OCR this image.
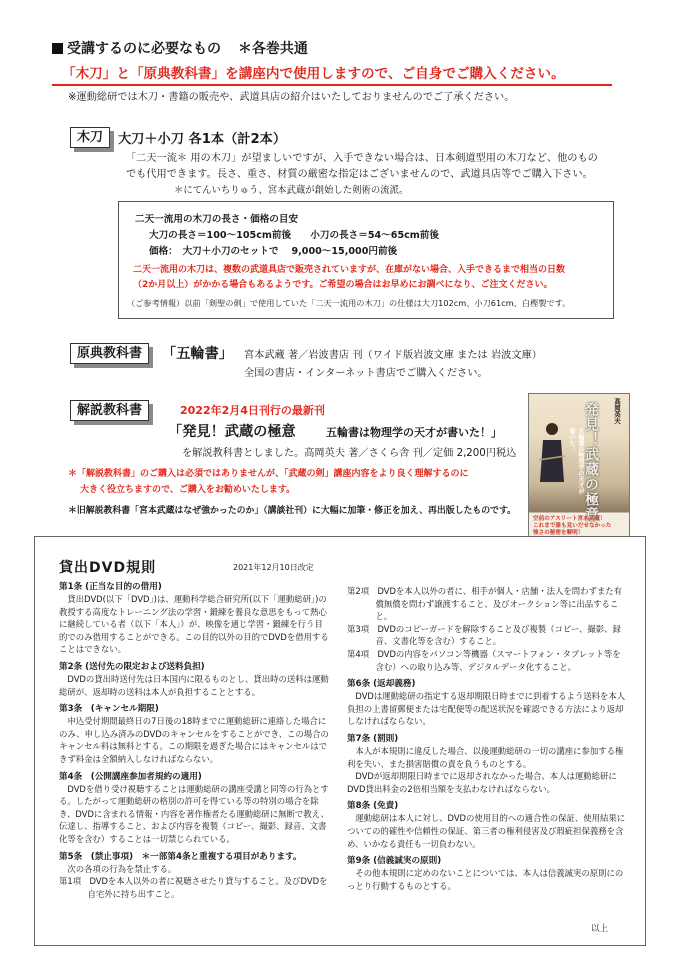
受講するのに必要なもの ＊各巻共通
「木刀」と「原典教科書」を講座内で使用しますので、ご自身でご購入ください。
※運動総研では木刀・書籍の販売や、武道具店の紹介はいたしておりませんのでご了承ください。
木刀	大刀＋小刀 各1本（計2本）
「二天一流＊ 用の木刀」が望ましいですが、入手できない場合は、日本剣道型用の木刀など、他のもの
でも代用できます。長さ、重さ、材質の厳密な指定はございませんので、武道具店等でご購入下さい。
＊にてんいちりゅう、宮本武蔵が創始した剣術の流派。
二天一流用の木刀の長さ・価格の目安
大刀の長さ＝100～105cm前後　　小刀の長さ＝54～65cm前後
価格：　大刀＋小刀のセットで　 9,000～15,000円前後
二天一流用の木刀は、複数の武道具店で販売されていますが、在庫がない場合、入手できるまで相当の日数
（2か月以上）がかかる場合もあるようです。ご希望の場合はお早めにお調べになり、ご注文ください。
（ご参考情報）以前「剣聖の剣」で使用していた「二天一流用の木刀」の仕様は大刀102cm、小刀61cm、白樫製です。
原典教科書	「五輪書」 宮本武蔵 著／岩波書店 刊（ワイド版岩波文庫 または 岩波文庫）
全国の書店・インターネット書店でご購入ください。
解説教科書	2022年2月4日刊行の最新刊
「発見！武蔵の極意	五輪書は物理学の天才が書いた！」
を解説教科書としました。高岡英夫 著／さくら舎 刊／定価 2,200円税込
＊「解説教科書」のご購入は必須ではありませんが、「武蔵の剣」講座内容をより良く理解するのに
大きく役立ちますので、ご購入をお勧めいたします。
＊旧解説教科書「宮本武蔵はなぜ強かったのか」（講談社刊）に大幅に加筆・修正を加え、再出版したものです。	発見！武蔵の極意	高岡英夫
五輪書は物理学の天才が書いた！
空前のアスリート宮本武蔵！
これまで誰も見いだせなかった
強さの秘密を解明！
貸出DVD規則	2021年12月10日改定

第1条 (正当な目的の借用)

貸出DVD(以下「DVD」)は、運動科学総合研究所(以下「運動総研」)の教授する高度なトレーニング法の学習・鍛練を養良な意思をもって熱心に継続している者（以下「本人」）が、映像を通じ学習・鍛練を行う目的でのみ借用することができる。この目的以外の目的でDVDを借用することはできない。

第2条 (送付先の限定および送料負担)

DVDの貸出時送付先は日本国内に限るものとし、貸出時の送料は運動総研が、返却時の送料は本人が負担することとする。

第3条　(キャンセル期限)

申込受付期間最終日の7日後の18時までに運動総研に連絡した場合にのみ、申し込み済みのDVDのキャンセルをすることができ、この場合のキャンセル料は無料とする。この期限を過ぎた場合にはキャンセルはできず料金は全額納入しなければならない。

第4条　(公開講座参加者規約の適用)

DVDを借り受け視聴することは運動総研の講座受講と同等の行為とする。したがって運動総研の格別の許可を得ている等の特別の場合を除き、DVDに含まれる情報・内容を著作権者たる運動総研に無断で教え、伝達し、指導すること、および内容を複製（コピー、撮影、録音、文書化等を含む）することは一切禁じられている。

第5条　(禁止事項)　＊一部第4条と重複する項目があります。

　次の各項の行為を禁止する。

第1項　DVDを本人以外の者に視聴させたり貸与すること。及びDVDを自宅外に持ち出すこと。

第2項　DVDを本人以外の者に、相手が個人・店舗・法人を問わずまた有償無償を問わず譲渡すること、及びオークション等に出品すること。

第3項　DVDのコピーガードを解除すること及び複製（コピー、撮影、録音、文書化等を含む）すること。

第4項　DVDの内容をパソコン等機器（スマートフォン・タブレット等を含む）への取り込み等、デジタルデータ化すること。

第6条 (返却義務)

DVDは運動総研の指定する返却期限日時までに到着するよう送料を本人負担の上書留郵便または宅配便等の配送状況を確認できる方法により返却しなければならない。

第7条 (罰則)

本人が本規則に違反した場合、以後運動総研の一切の講座に参加する権利を失い、また損害賠償の責を負うものとする。

DVDが返却期限日時までに返却されなかった場合、本人は運動総研にDVD貸出料金の2倍相当額を支払わなければならない。

第8条 (免責)

運動総研は本人に対し、DVDの使用目的への適合性の保証、使用結果についての的確性や信頼性の保証、第三者の権利侵害及び瑕疵担保義務を含め、いかなる責任も一切負わない。

第9条 (信義誠実の原則)

その他本規則に定めのないことについては、本人は信義誠実の原則にのっとり行動するものとする。

以上
